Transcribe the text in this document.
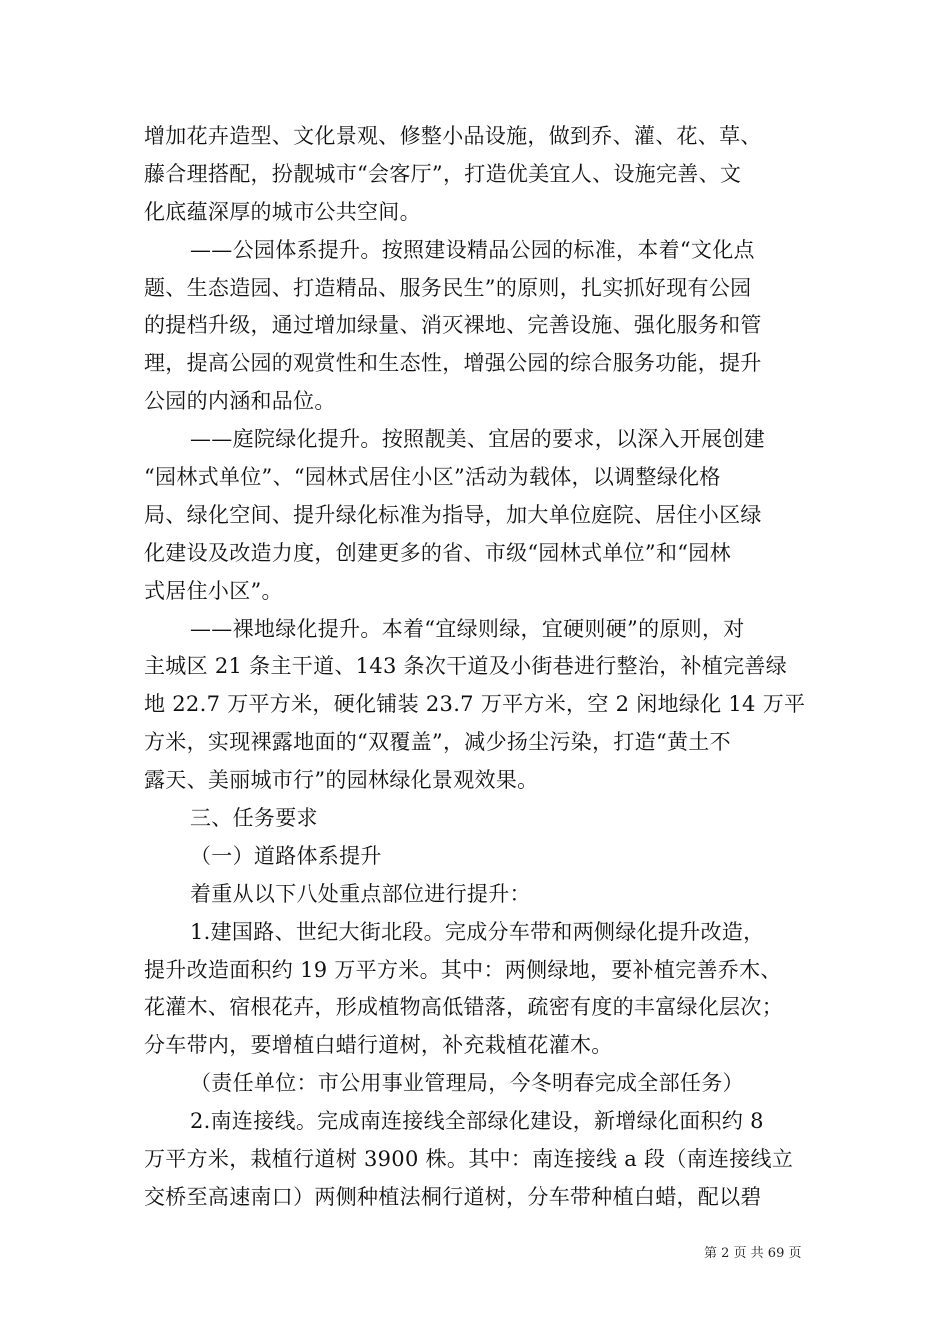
增加花卉造型、文化景观、修整小品设施，做到乔、灌、花、草、
藤合理搭配，扮靓城市“会客厅”，打造优美宜人、设施完善、文
化底蕴深厚的城市公共空间。
——公园体系提升。按照建设精品公园的标准，本着“文化点
题、生态造园、打造精品、服务民生”的原则，扎实抓好现有公园
的提档升级，通过增加绿量、消灭裸地、完善设施、强化服务和管
理，提高公园的观赏性和生态性，增强公园的综合服务功能，提升
公园的内涵和品位。
——庭院绿化提升。按照靓美、宜居的要求，以深入开展创建
“园林式单位”、“园林式居住小区”活动为载体，以调整绿化格
局、绿化空间、提升绿化标准为指导，加大单位庭院、居住小区绿
化建设及改造力度，创建更多的省、市级“园林式单位”和“园林
式居住小区”。
——裸地绿化提升。本着“宜绿则绿，宜硬则硬”的原则，对
主城区 21 条主干道、143 条次干道及小街巷进行整治，补植完善绿
地 22.7 万平方米，硬化铺装 23.7 万平方米，空 2 闲地绿化 14 万平
方米，实现裸露地面的“双覆盖”，减少扬尘污染，打造“黄土不
露天、美丽城市行”的园林绿化景观效果。
三、任务要求
（一）道路体系提升
着重从以下八处重点部位进行提升：
1.建国路、世纪大街北段。完成分车带和两侧绿化提升改造，
提升改造面积约 19 万平方米。其中：两侧绿地，要补植完善乔木、
花灌木、宿根花卉，形成植物高低错落，疏密有度的丰富绿化层次；
分车带内，要增植白蜡行道树，补充栽植花灌木。
（责任单位：市公用事业管理局，今冬明春完成全部任务）
2.南连接线。完成南连接线全部绿化建设，新增绿化面积约 8
万平方米，栽植行道树 3900 株。其中：南连接线 a 段（南连接线立
交桥至高速南口）两侧种植法桐行道树，分车带种植白蜡，配以碧
第 2 页 共 69 页
